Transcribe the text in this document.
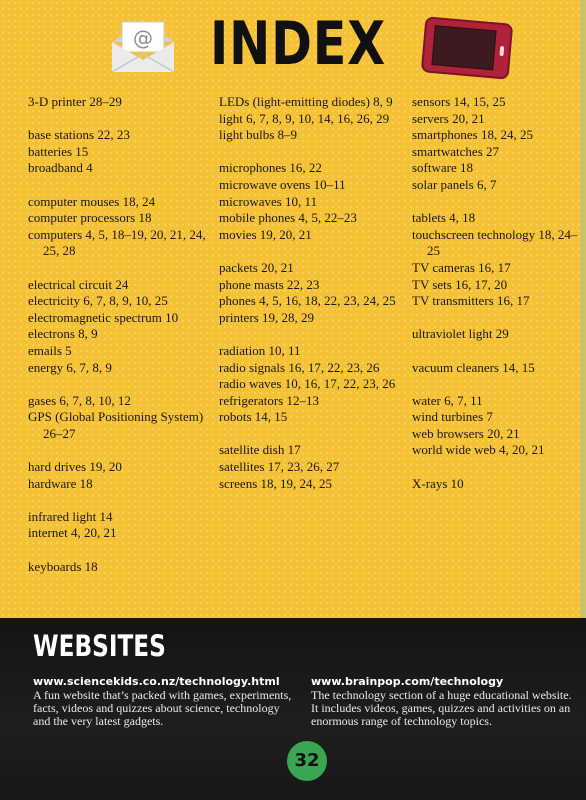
@ INDEX
3-D printer 28–29
base stations 22, 23
batteries 15
broadband 4
computer mouses 18, 24
computer processors 18
computers 4, 5, 18–19, 20, 21, 24, 25, 28
electrical circuit 24
electricity 6, 7, 8, 9, 10, 25
electromagnetic spectrum 10
electrons 8, 9
emails 5
energy 6, 7, 8, 9
gases 6, 7, 8, 10, 12
GPS (Global Positioning System) 26–27
hard drives 19, 20
hardware 18
infrared light 14
internet 4, 20, 21
keyboards 18
LEDs (light-emitting diodes) 8, 9
light 6, 7, 8, 9, 10, 14, 16, 26, 29
light bulbs 8–9
microphones 16, 22
microwave ovens 10–11
microwaves 10, 11
mobile phones 4, 5, 22–23
movies 19, 20, 21
packets 20, 21
phone masts 22, 23
phones 4, 5, 16, 18, 22, 23, 24, 25
printers 19, 28, 29
radiation 10, 11
radio signals 16, 17, 22, 23, 26
radio waves 10, 16, 17, 22, 23, 26
refrigerators 12–13
robots 14, 15
satellite dish 17
satellites 17, 23, 26, 27
screens 18, 19, 24, 25
sensors 14, 15, 25
servers 20, 21
smartphones 18, 24, 25
smartwatches 27
software 18
solar panels 6, 7
tablets 4, 18
touchscreen technology 18, 24–25
TV cameras 16, 17
TV sets 16, 17, 20
TV transmitters 16, 17
ultraviolet light 29
vacuum cleaners 14, 15
water 6, 7, 11
wind turbines 7
web browsers 20, 21
world wide web 4, 20, 21
X-rays 10
WEBSITES
www.sciencekids.co.nz/technology.html
A fun website that’s packed with games, experiments, facts, videos and quizzes about science, technology and the very latest gadgets.
www.brainpop.com/technology
The technology section of a huge educational website. It includes videos, games, quizzes and activities on an enormous range of technology topics.
32
